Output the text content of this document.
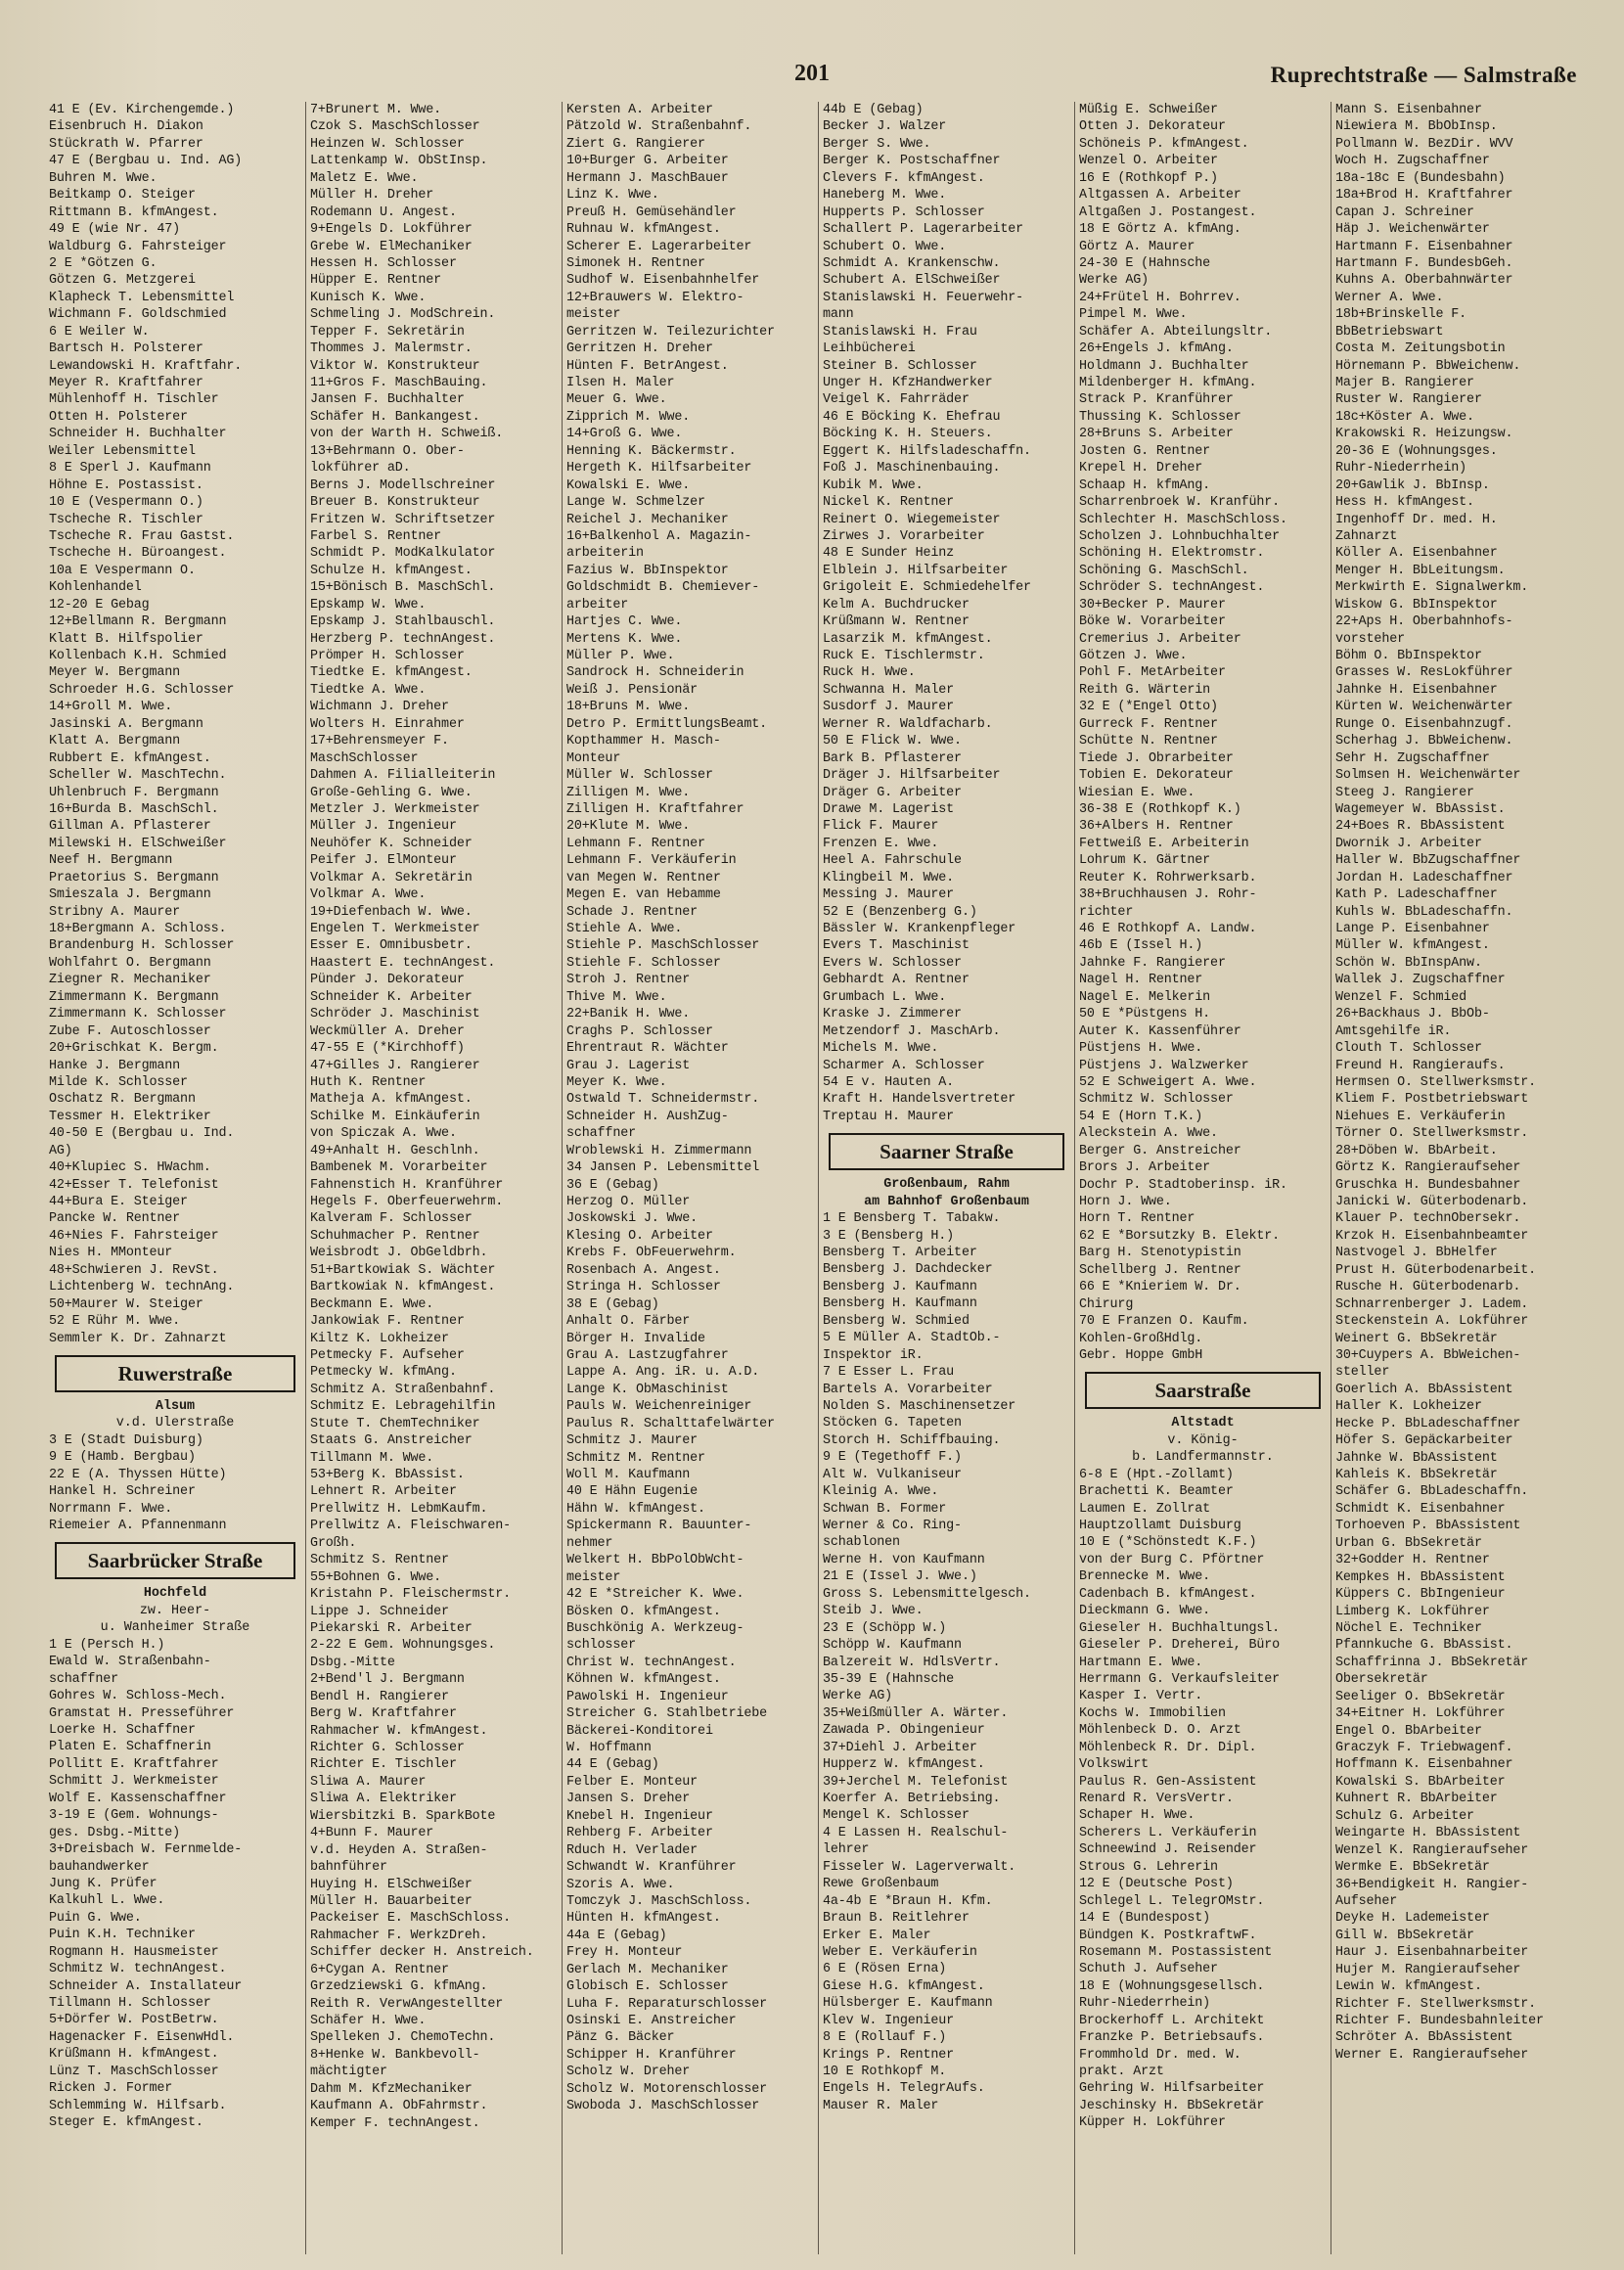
201	Ruprechtstraße — Salmstraße
41 E (Ev. Kirchengemde.)
Eisenbruch H. Diakon
Stückrath W. Pfarrer
47 E (Bergbau u. Ind. AG)
Buhren M. Wwe.
Beitkamp O. Steiger
Rittmann B. kfmAngest.
49 E (wie Nr. 47)
Waldburg G. Fahrsteiger
2 E *Götzen G.
Götzen G. Metzgerei
Klapheck T. Lebensmittel
Wichmann F. Goldschmied
6 E Weiler W.
Bartsch H. Polsterer
Lewandowski H. Kraftfahr.
Meyer R. Kraftfahrer
Mühlenhoff H. Tischler
Otten H. Polsterer
Schneider H. Buchhalter
Weiler Lebensmittel
8 E Sperl J. Kaufmann
Höhne E. Postassist.
10 E (Vespermann O.)
Tscheche R. Tischler
Tscheche R. Frau Gastst.
Tscheche H. Büroangest.
10a E Vespermann O.
Kohlenhandel
12-20 E Gebag
12+Bellmann R. Bergmann
Klatt B. Hilfspolier
Kollenbach K.H. Schmied
Meyer W. Bergmann
Schroeder H.G. Schlosser
14+Groll M. Wwe.
Jasinski A. Bergmann
Klatt A. Bergmann
Rubbert E. kfmAngest.
Scheller W. MaschTechn.
Uhlenbruch F. Bergmann
16+Burda B. MaschSchl.
Gillman A. Pflasterer
Milewski H. ElSchweißer
Neef H. Bergmann
Praetorius S. Bergmann
Smieszala J. Bergmann
Stribny A. Maurer
18+Bergmann A. Schloss.
Brandenburg H. Schlosser
Wohlfahrt O. Bergmann
Ziegner R. Mechaniker
Zimmermann K. Bergmann
Zimmermann K. Schlosser
Zube F. Autoschlosser
20+Grischkat K. Bergm.
Hanke J. Bergmann
Milde K. Schlosser
Oschatz R. Bergmann
Tessmer H. Elektriker
40-50 E (Bergbau u. Ind.
AG)
40+Klupiec S. HWachm.
42+Esser T. Telefonist
44+Bura E. Steiger
Pancke W. Rentner
46+Nies F. Fahrsteiger
Nies H. MMonteur
48+Schwieren J. RevSt.
Lichtenberg W. technAng.
50+Maurer W. Steiger
52 E Rühr M. Wwe.
Semmler K. Dr. Zahnarzt
Ruwerstraße
Alsum
v.d. Ulerstraße
3 E (Stadt Duisburg)
9 E (Hamb. Bergbau)
22 E (A. Thyssen Hütte)
Hankel H. Schreiner
Norrmann F. Wwe.
Riemeier A. Pfannenmann
Saarbrücker Straße
Hochfeld
zw. Heer-
u. Wanheimer Straße
1 E (Persch H.)
Ewald W. Straßenbahn-
schaffner
Gohres W. Schloss-Mech.
Gramstat H. Presseführer
Loerke H. Schaffner
Platen E. Schaffnerin
Pollitt E. Kraftfahrer
Schmitt J. Werkmeister
Wolf E. Kassenschaffner
3-19 E (Gem. Wohnungs-
ges. Dsbg.-Mitte)
3+Dreisbach W. Fernmelde-
bauhandwerker
Jung K. Prüfer
Kalkuhl L. Wwe.
Puin G. Wwe.
Puin K.H. Techniker
Rogmann H. Hausmeister
Schmitz W. technAngest.
Schneider A. Installateur
Tillmann H. Schlosser
5+Dörfer W. PostBetrw.
Hagenacker F. EisenwHdl.
Krüßmann H. kfmAngest.
Lünz T. MaschSchlosser
Ricken J. Former
Schlemming W. Hilfsarb.
Steger E. kfmAngest.
7+Brunert M. Wwe.
Czok S. MaschSchlosser
Heinzen W. Schlosser
Lattenkamp W. ObStInsp.
Maletz E. Wwe.
Müller H. Dreher
Rodemann U. Angest.
9+Engels D. Lokführer
Grebe W. ElMechaniker
Hessen H. Schlosser
Hüpper E. Rentner
Kunisch K. Wwe.
Schmeling J. ModSchrein.
Tepper F. Sekretärin
Thommes J. Malermstr.
Viktor W. Konstrukteur
11+Gros F. MaschBauing.
Jansen F. Buchhalter
Schäfer H. Bankangest.
von der Warth H. Schweiß.
13+Behrmann O. Ober-
lokführer aD.
Berns J. Modellschreiner
Breuer B. Konstrukteur
Fritzen W. Schriftsetzer
Farbel S. Rentner
Schmidt P. ModKalkulator
Schulze H. kfmAngest.
15+Bönisch B. MaschSchl.
Epskamp W. Wwe.
Epskamp J. Stahlbauschl.
Herzberg P. technAngest.
Prömper H. Schlosser
Tiedtke E. kfmAngest.
Tiedtke A. Wwe.
Wichmann J. Dreher
Wolters H. Einrahmer
17+Behrensmeyer F.
MaschSchlosser
Dahmen A. Filialleiterin
Große-Gehling G. Wwe.
Metzler J. Werkmeister
Müller J. Ingenieur
Neuhöfer K. Schneider
Peifer J. ElMonteur
Volkmar A. Sekretärin
Volkmar A. Wwe.
19+Diefenbach W. Wwe.
Engelen T. Werkmeister
Esser E. Omnibusbetr.
Haastert E. technAngest.
Pünder J. Dekorateur
Schneider K. Arbeiter
Schröder J. Maschinist
Weckmüller A. Dreher
47-55 E (*Kirchhoff)
47+Gilles J. Rangierer
Huth K. Rentner
Matheja A. kfmAngest.
Schilke M. Einkäuferin
von Spiczak A. Wwe.
49+Anhalt H. Geschlnh.
Bambenek M. Vorarbeiter
Fahnenstich H. Kranführer
Hegels F. Oberfeuerwehrm.
Kalveram F. Schlosser
Schuhmacher P. Rentner
Weisbrodt J. ObGeldbrh.
51+Bartkowiak S. Wächter
Bartkowiak N. kfmAngest.
Beckmann E. Wwe.
Jankowiak F. Rentner
Kiltz K. Lokheizer
Petmecky F. Aufseher
Petmecky W. kfmAng.
Schmitz A. Straßenbahnf.
Schmitz E. Lebragehilfin
Stute T. ChemTechniker
Staats G. Anstreicher
Tillmann M. Wwe.
53+Berg K. BbAssist.
Lehnert R. Arbeiter
Prellwitz H. LebmKaufm.
Prellwitz A. Fleischwaren-
Großh.
Schmitz S. Rentner
55+Bohnen G. Wwe.
Kristahn P. Fleischermstr.
Lippe J. Schneider
Piekarski R. Arbeiter
2-22 E Gem. Wohnungsges.
Dsbg.-Mitte
2+Bend'l J. Bergmann
Bendl H. Rangierer
Berg W. Kraftfahrer
Rahmacher W. kfmAngest.
Richter G. Schlosser
Richter E. Tischler
Sliwa A. Maurer
Sliwa A. Elektriker
Wiersbitzki B. SparkBote
4+Bunn F. Maurer
v.d. Heyden A. Straßen-
bahnführer
Huying H. ElSchweißer
Müller H. Bauarbeiter
Packeiser E. MaschSchloss.
Rahmacher F. WerkzDreh.
Schiffer decker H. Anstreich.
6+Cygan A. Rentner
Grzedziewski G. kfmAng.
Reith R. VerwAngestellter
Schäfer H. Wwe.
Spelleken J. ChemoTechn.
8+Henke W. Bankbevoll-
mächtigter
Dahm M. KfzMechaniker
Kaufmann A. ObFahrmstr.
Kemper F. technAngest.
Kersten A. Arbeiter
Pätzold W. Straßenbahnf.
Ziert G. Rangierer
10+Burger G. Arbeiter
Hermann J. MaschBauer
Linz K. Wwe.
Preuß H. Gemüsehändler
Ruhnau W. kfmAngest.
Scherer E. Lagerarbeiter
Simonek H. Rentner
Sudhof W. Eisenbahnhelfer
12+Brauwers W. Elektro-
meister
Gerritzen W. Teilezurichter
Gerritzen H. Dreher
Hünten F. BetrAngest.
Ilsen H. Maler
Meuer G. Wwe.
Zipprich M. Wwe.
14+Groß G. Wwe.
Henning K. Bäckermstr.
Hergeth K. Hilfsarbeiter
Kowalski E. Wwe.
Lange W. Schmelzer
Reichel J. Mechaniker
16+Balkenhol A. Magazin-
arbeiterin
Fazius W. BbInspektor
Goldschmidt B. Chemiever-
arbeiter
Hartjes C. Wwe.
Mertens K. Wwe.
Müller P. Wwe.
Sandrock H. Schneiderin
Weiß J. Pensionär
18+Bruns M. Wwe.
Detro P. ErmittlungsBeamt.
Kopthammer H. Masch-
Monteur
Müller W. Schlosser
Zilligen M. Wwe.
Zilligen H. Kraftfahrer
20+Klute M. Wwe.
Lehmann F. Rentner
Lehmann F. Verkäuferin
van Megen W. Rentner
Megen E. van Hebamme
Schade J. Rentner
Stiehle A. Wwe.
Stiehle P. MaschSchlosser
Stiehle F. Schlosser
Stroh J. Rentner
Thive M. Wwe.
22+Banik H. Wwe.
Craghs P. Schlosser
Ehrentraut R. Wächter
Grau J. Lagerist
Meyer K. Wwe.
Ostwald T. Schneidermstr.
Schneider H. AushZug-
schaffner
Wroblewski H. Zimmermann
34 Jansen P. Lebensmittel
36 E (Gebag)
Herzog O. Müller
Joskowski J. Wwe.
Klesing O. Arbeiter
Krebs F. ObFeuerwehrm.
Rosenbach A. Angest.
Stringa H. Schlosser
38 E (Gebag)
Anhalt O. Färber
Börger H. Invalide
Grau A. Lastzugfahrer
Lappe A. Ang. iR. u. A.D.
Lange K. ObMaschinist
Pauls W. Weichenreiniger
Paulus R. Schalttafelwärter
Schmitz J. Maurer
Schmitz M. Rentner
Woll M. Kaufmann
40 E Hähn Eugenie
Hähn W. kfmAngest.
Spickermann R. Bauunter-
nehmer
Welkert H. BbPolObWcht-
meister
42 E *Streicher K. Wwe.
Bösken O. kfmAngest.
Buschkönig A. Werkzeug-
schlosser
Christ W. technAngest.
Köhnen W. kfmAngest.
Pawolski H. Ingenieur
Streicher G. Stahlbetriebe
Bäckerei-Konditorei
W. Hoffmann
44 E (Gebag)
Felber E. Monteur
Jansen S. Dreher
Knebel H. Ingenieur
Rehberg F. Arbeiter
Rduch H. Verlader
Schwandt W. Kranführer
Szoris A. Wwe.
Tomczyk J. MaschSchloss.
Hünten H. kfmAngest.
44a E (Gebag)
Frey H. Monteur
Gerlach M. Mechaniker
Globisch E. Schlosser
Luha F. Reparaturschlosser
Osinski E. Anstreicher
Pänz G. Bäcker
Schipper H. Kranführer
Scholz W. Dreher
Scholz W. Motorenschlosser
Swoboda J. MaschSchlosser
44b E (Gebag)
Becker J. Walzer
Berger S. Wwe.
Berger K. Postschaffner
Clevers F. kfmAngest.
Haneberg M. Wwe.
Hupperts P. Schlosser
Schallert P. Lagerarbeiter
Schubert O. Wwe.
Schmidt A. Krankenschw.
Schubert A. ElSchweißer
Stanislawski H. Feuerwehr-
mann
Stanislawski H. Frau
Leihbücherei
Steiner B. Schlosser
Unger H. KfzHandwerker
Veigel K. Fahrräder
46 E Böcking K. Ehefrau
Böcking K. H. Steuers.
Eggert K. Hilfsladeschaffn.
Foß J. Maschinenbauing.
Kubik M. Wwe.
Nickel K. Rentner
Reinert O. Wiegemeister
Zirwes J. Vorarbeiter
48 E Sunder Heinz
Elblein J. Hilfsarbeiter
Grigoleit E. Schmiedehelfer
Kelm A. Buchdrucker
Krüßmann W. Rentner
Lasarzik M. kfmAngest.
Ruck E. Tischlermstr.
Ruck H. Wwe.
Schwanna H. Maler
Susdorf J. Maurer
Werner R. Waldfacharb.
50 E Flick W. Wwe.
Bark B. Pflasterer
Dräger J. Hilfsarbeiter
Dräger G. Arbeiter
Drawe M. Lagerist
Flick F. Maurer
Frenzen E. Wwe.
Heel A. Fahrschule
Klingbeil M. Wwe.
Messing J. Maurer
52 E (Benzenberg G.)
Bässler W. Krankenpfleger
Evers T. Maschinist
Evers W. Schlosser
Gebhardt A. Rentner
Grumbach L. Wwe.
Kraske J. Zimmerer
Metzendorf J. MaschArb.
Michels M. Wwe.
Scharmer A. Schlosser
54 E v. Hauten A.
Kraft H. Handelsvertreter
Treptau H. Maurer
Saarner Straße
Großenbaum, Rahm
am Bahnhof Großenbaum
1 E Bensberg T. Tabakw.
3 E (Bensberg H.)
Bensberg T. Arbeiter
Bensberg J. Dachdecker
Bensberg J. Kaufmann
Bensberg H. Kaufmann
Bensberg W. Schmied
5 E Müller A. StadtOb.-
Inspektor iR.
7 E Esser L. Frau
Bartels A. Vorarbeiter
Nolden S. Maschinensetzer
Stöcken G. Tapeten
Storch H. Schiffbauing.
9 E (Tegethoff F.)
Alt W. Vulkaniseur
Kleinig A. Wwe.
Schwan B. Former
Werner & Co. Ring-
schablonen
Werne H. von Kaufmann
21 E (Issel J. Wwe.)
Gross S. Lebensmittelgesch.
Steib J. Wwe.
23 E (Schöpp W.)
Schöpp W. Kaufmann
Balzereit W. HdlsVertr.
35-39 E (Hahnsche
Werke AG)
35+Weißmüller A. Wärter.
Zawada P. Obingenieur
37+Diehl J. Arbeiter
Hupperz W. kfmAngest.
39+Jerchel M. Telefonist
Koerfer A. Betriebsing.
Mengel K. Schlosser
4 E Lassen H. Realschul-
lehrer
Fisseler W. Lagerverwalt.
Rewe Großenbaum
4a-4b E *Braun H. Kfm.
Braun B. Reitlehrer
Erker E. Maler
Weber E. Verkäuferin
6 E (Rösen Erna)
Giese H.G. kfmAngest.
Hülsberger E. Kaufmann
Klev W. Ingenieur
8 E (Rollauf F.)
Krings P. Rentner
10 E Rothkopf M.
Engels H. TelegrAufs.
Mauser R. Maler
Müßig E. Schweißer
Otten J. Dekorateur
Schöneis P. kfmAngest.
Wenzel O. Arbeiter
16 E (Rothkopf P.)
Altgassen A. Arbeiter
Altgaßen J. Postangest.
18 E Görtz A. kfmAng.
Görtz A. Maurer
24-30 E (Hahnsche
Werke AG)
24+Frütel H. Bohrrev.
Pimpel M. Wwe.
Schäfer A. Abteilungsltr.
26+Engels J. kfmAng.
Holdmann J. Buchhalter
Mildenberger H. kfmAng.
Strack P. Kranführer
Thussing K. Schlosser
28+Bruns S. Arbeiter
Josten G. Rentner
Krepel H. Dreher
Schaap H. kfmAng.
Scharrenbroek W. Kranführ.
Schlechter H. MaschSchloss.
Scholzen J. Lohnbuchhalter
Schöning H. Elektromstr.
Schöning G. MaschSchl.
Schröder S. technAngest.
30+Becker P. Maurer
Böke W. Vorarbeiter
Cremerius J. Arbeiter
Götzen J. Wwe.
Pohl F. MetArbeiter
Reith G. Wärterin
32 E (*Engel Otto)
Gurreck F. Rentner
Schütte N. Rentner
Tiede J. Obrarbeiter
Tobien E. Dekorateur
Wiesian E. Wwe.
36-38 E (Rothkopf K.)
36+Albers H. Rentner
Fettweiß E. Arbeiterin
Lohrum K. Gärtner
Reuter K. Rohrwerksarb.
38+Bruchhausen J. Rohr-
richter
46 E Rothkopf A. Landw.
46b E (Issel H.)
Jahnke F. Rangierer
Nagel H. Rentner
Nagel E. Melkerin
50 E *Püstgens H.
Auter K. Kassenführer
Püstjens H. Wwe.
Püstjens J. Walzwerker
52 E Schweigert A. Wwe.
Schmitz W. Schlosser
54 E (Horn T.K.)
Aleckstein A. Wwe.
Berger G. Anstreicher
Brors J. Arbeiter
Dochr P. Stadtoberinsp. iR.
Horn J. Wwe.
Horn T. Rentner
62 E *Borsutzky B. Elektr.
Barg H. Stenotypistin
Schellberg J. Rentner
66 E *Knieriem W. Dr.
Chirurg
70 E Franzen O. Kaufm.
Kohlen-GroßHdlg.
Gebr. Hoppe GmbH
Saarstraße
Altstadt
v. König-
b. Landfermannstr.
6-8 E (Hpt.-Zollamt)
Brachetti K. Beamter
Laumen E. Zollrat
Hauptzollamt Duisburg
10 E (*Schönstedt K.F.)
von der Burg C. Pförtner
Brennecke M. Wwe.
Cadenbach B. kfmAngest.
Dieckmann G. Wwe.
Gieseler H. Buchhaltungsl.
Gieseler P. Dreherei, Büro
Hartmann E. Wwe.
Herrmann G. Verkaufsleiter
Kasper I. Vertr.
Kochs W. Immobilien
Möhlenbeck D. O. Arzt
Möhlenbeck R. Dr. Dipl.
Volkswirt
Paulus R. Gen-Assistent
Renard R. VersVertr.
Schaper H. Wwe.
Scherers L. Verkäuferin
Schneewind J. Reisender
Strous G. Lehrerin
12 E (Deutsche Post)
Schlegel L. TelegrOMstr.
14 E (Bundespost)
Bündgen K. PostkraftwF.
Rosemann M. Postassistent
Schuth J. Aufseher
18 E (Wohnungsgesellsch.
Ruhr-Niederrhein)
Brockerhoff L. Architekt
Franzke P. Betriebsaufs.
Frommhold Dr. med. W.
prakt. Arzt
Gehring W. Hilfsarbeiter
Jeschinsky H. BbSekretär
Küpper H. Lokführer
Mann S. Eisenbahner
Niewiera M. BbObInsp.
Pollmann W. BezDir. WVV
Woch H. Zugschaffner
18a-18c E (Bundesbahn)
18a+Brod H. Kraftfahrer
Capan J. Schreiner
Häp J. Weichenwärter
Hartmann F. Eisenbahner
Hartmann F. BundesbGeh.
Kuhns A. Oberbahnwärter
Werner A. Wwe.
18b+Brinskelle F.
BbBetriebswart
Costa M. Zeitungsbotin
Hörnemann P. BbWeichenw.
Majer B. Rangierer
Ruster W. Rangierer
18c+Köster A. Wwe.
Krakowski R. Heizungsw.
20-36 E (Wohnungsges.
Ruhr-Niederrhein)
20+Gawlik J. BbInsp.
Hess H. kfmAngest.
Ingenhoff Dr. med. H.
Zahnarzt
Köller A. Eisenbahner
Menger H. BbLeitungsm.
Merkwirth E. Signalwerkm.
Wiskow G. BbInspektor
22+Aps H. Oberbahnhofs-
vorsteher
Böhm O. BbInspektor
Grasses W. ResLokführer
Jahnke H. Eisenbahner
Kürten W. Weichenwärter
Runge O. Eisenbahnzugf.
Scherhag J. BbWeichenw.
Sehr H. Zugschaffner
Solmsen H. Weichenwärter
Steeg J. Rangierer
Wagemeyer W. BbAssist.
24+Boes R. BbAssistent
Dwornik J. Arbeiter
Haller W. BbZugschaffner
Jordan H. Ladeschaffner
Kath P. Ladeschaffner
Kuhls W. BbLadeschaffn.
Lange P. Eisenbahner
Müller W. kfmAngest.
Schön W. BbInspAnw.
Wallek J. Zugschaffner
Wenzel F. Schmied
26+Backhaus J. BbOb-
Amtsgehilfe iR.
Clouth T. Schlosser
Freund H. Rangieraufs.
Hermsen O. Stellwerksmstr.
Kliem F. Postbetriebswart
Niehues E. Verkäuferin
Törner O. Stellwerksmstr.
28+Döben W. BbArbeit.
Görtz K. Rangieraufseher
Gruschka H. Bundesbahner
Janicki W. Güterbodenarb.
Klauer P. technObersekr.
Krzok H. Eisenbahnbeamter
Nastvogel J. BbHelfer
Prust H. Güterbodenarbeit.
Rusche H. Güterbodenarb.
Schnarrenberger J. Ladem.
Steckenstein A. Lokführer
Weinert G. BbSekretär
30+Cuypers A. BbWeichen-
steller
Goerlich A. BbAssistent
Haller K. Lokheizer
Hecke P. BbLadeschaffner
Höfer S. Gepäckarbeiter
Jahnke W. BbAssistent
Kahleis K. BbSekretär
Schäfer G. BbLadeschaffn.
Schmidt K. Eisenbahner
Torhoeven P. BbAssistent
Urban G. BbSekretär
32+Godder H. Rentner
Kempkes H. BbAssistent
Küppers C. BbIngenieur
Limberg K. Lokführer
Nöchel E. Techniker
Pfannkuche G. BbAssist.
Schaffrinna J. BbSekretär
Obersekretär
Seeliger O. BbSekretär
34+Eitner H. Lokführer
Engel O. BbArbeiter
Graczyk F. Triebwagenf.
Hoffmann K. Eisenbahner
Kowalski S. BbArbeiter
Kuhnert R. BbArbeiter
Schulz G. Arbeiter
Weingarte H. BbAssistent
Wenzel K. Rangieraufseher
Wermke E. BbSekretär
36+Bendigkeit H. Rangier-
Aufseher
Deyke H. Lademeister
Gill W. BbSekretär
Haur J. Eisenbahnarbeiter
Hujer M. Rangieraufseher
Lewin W. kfmAngest.
Richter F. Stellwerksmstr.
Richter F. Bundesbahnleiter
Schröter A. BbAssistent
Werner E. Rangieraufseher
